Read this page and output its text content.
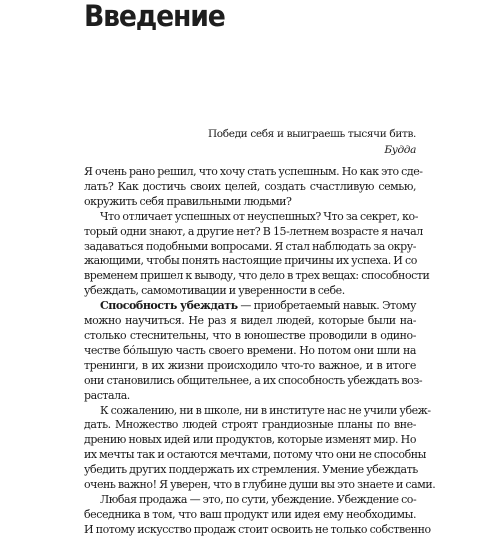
Введение
Победи себя и выиграешь тысячи битв.
Будда
Я очень рано решил, что хочу стать успешным. Но как это сде-
лать? Как достичь своих целей, создать счастливую семью,
окружить себя правильными людьми?
Что отличает успешных от неуспешных? Что за секрет, ко-
торый одни знают, а другие нет? В 15-летнем возрасте я начал
задаваться подобными вопросами. Я стал наблюдать за окру-
жающими, чтобы понять настоящие причины их успеха. И со
временем пришел к выводу, что дело в трех вещах: способности
убеждать, самомотивации и уверенности в себе.
Способность убеждать — приобретаемый навык. Этому
можно научиться. Не раз я видел людей, которые были на-
столько стеснительны, что в юношестве проводили в одино-
честве бо́льшую часть своего времени. Но потом они шли на
тренинги, в их жизни происходило что-то важное, и в итоге
они становились общительнее, а их способность убеждать воз-
растала.
К сожалению, ни в школе, ни в институте нас не учили убеж-
дать. Множество людей строят грандиозные планы по вне-
дрению новых идей или продуктов, которые изменят мир. Но
их мечты так и остаются мечтами, потому что они не способны
убедить других поддержать их стремления. Умение убеждать
очень важно! Я уверен, что в глубине души вы это знаете и сами.
Любая продажа — это, по сути, убеждение. Убеждение со-
беседника в том, что ваш продукт или идея ему необходимы.
И потому искусство продаж стоит освоить не только собственно
